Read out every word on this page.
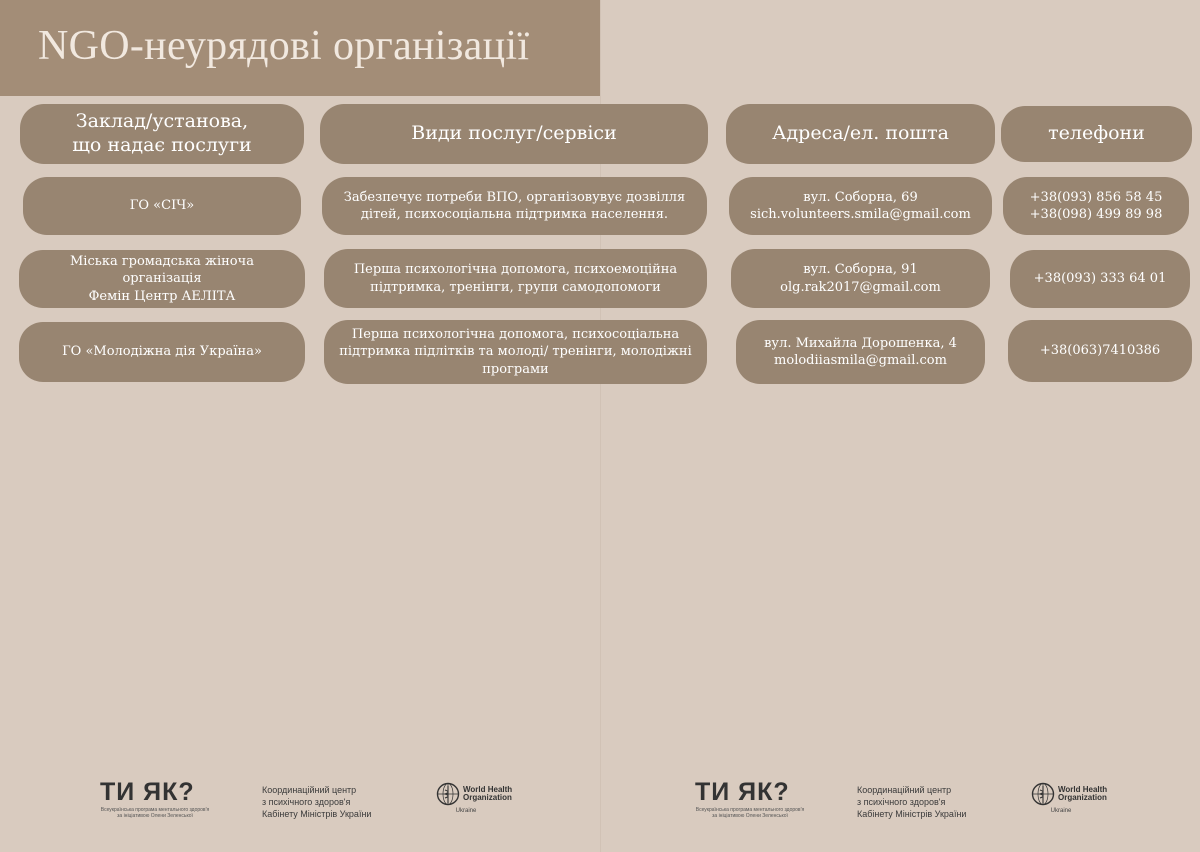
NGO-неурядові організації
Заклад/установа,
що надає послуги
Види послуг/сервіси	Адреса/ел. пошта	телефони
ГО «СІЧ»
Забезпечує потреби ВПО, організовувує дозвілля
дітей, психосоціальна підтримка населення.
вул. Соборна, 69
sich.volunteers.smila@gmail.com
+38(093) 856 58 45
+38(098) 499 89 98
Міська громадська жіноча організація
Фемін Центр АЕЛІТА
Перша психологічна допомога, психоемоційна
підтримка, тренінги, групи самодопомоги
вул. Соборна, 91
olg.rak2017@gmail.com
+38(093) 333 64 01
ГО «Молодіжна дія Україна»
Перша психологічна допомога, психосоціальна
підтримка підлітків та молоді/ тренінги, молодіжні
програми
вул. Михайла Дорошенка, 4
molodiiasmila@gmail.com
+38(063)7410386
ТИ ЯК?
Всеукраїнська програма ментального здоров'я
за ініціативою Олени Зеленської
Координаційний центр
з психічного здоров'я
Кабінету Міністрів України
World Health
Organization
Ukraine
ТИ ЯК?
Всеукраїнська програма ментального здоров'я
за ініціативою Олени Зеленської
Координаційний центр
з психічного здоров'я
Кабінету Міністрів України
World Health
Organization
Ukraine
